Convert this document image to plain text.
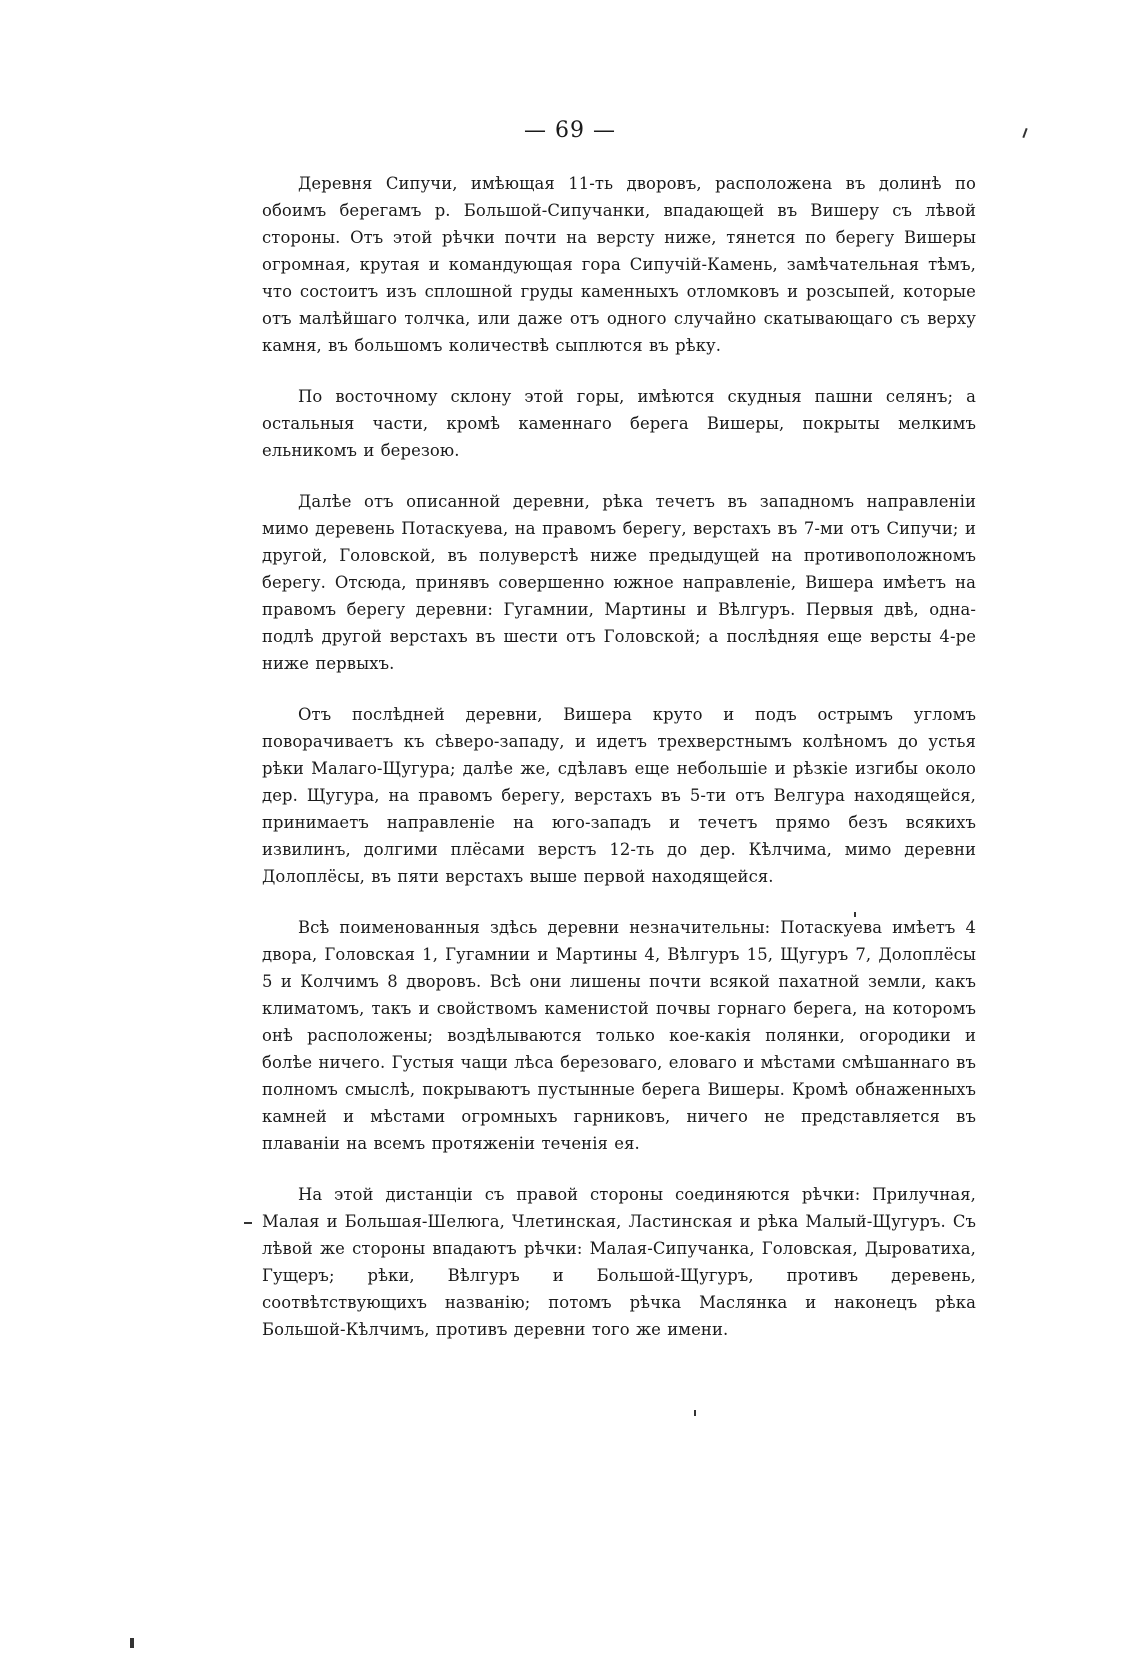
— 69 —

Деревня Сипучи, имѣющая 11-ть дворовъ, расположена въ долинѣ по обоимъ берегамъ р. Большой-Сипучанки, впадающей въ Вишеру съ лѣвой стороны. Отъ этой рѣчки почти на версту ниже, тянется по берегу Вишеры огромная, крутая и командующая гора Сипучій-Камень, замѣчательная тѣмъ, что состоитъ изъ сплошной груды каменныхъ отломковъ и розсыпей, которые отъ малѣйшаго толчка, или даже отъ одного случайно скатывающаго съ верху камня, въ большомъ количествѣ сыплются въ рѣку.

По восточному склону этой горы, имѣются скудныя пашни селянъ; а остальныя части, кромѣ каменнаго берега Вишеры, покрыты мелкимъ ельникомъ и березою.

Далѣе отъ описанной деревни, рѣка течетъ въ западномъ направленіи мимо деревень Потаскуева, на правомъ берегу, верстахъ въ 7-ми отъ Сипучи; и другой, Головской, въ полуверстѣ ниже предыдущей на противоположномъ берегу. Отсюда, принявъ совершенно южное направленіе, Вишера имѣетъ на правомъ берегу деревни: Гугамнии, Мартины и Вѣлгуръ. Первыя двѣ, одна-подлѣ другой верстахъ въ шести отъ Головской; а послѣдняя еще версты 4-ре ниже первыхъ.

Отъ послѣдней деревни, Вишера круто и подъ острымъ угломъ поворачиваетъ къ сѣверо-западу, и идетъ трехверстнымъ колѣномъ до устья рѣки Малаго-Щугура; далѣе же, сдѣлавъ еще небольшіе и рѣзкіе изгибы около дер. Щугура, на правомъ берегу, верстахъ въ 5-ти отъ Велгура находящейся, принимаетъ направленіе на юго-западъ и течетъ прямо безъ всякихъ извилинъ, долгими плёсами верстъ 12-ть до дер. Кѣлчима, мимо деревни Долоплёсы, въ пяти верстахъ выше первой находящейся.

Всѣ поименованныя здѣсь деревни незначительны: Потаскуева имѣетъ 4 двора, Головская 1, Гугамнии и Мартины 4, Вѣлгуръ 15, Щугуръ 7, Долоплёсы 5 и Колчимъ 8 дворовъ. Всѣ они лишены почти всякой пахатной земли, какъ климатомъ, такъ и свойствомъ каменистой почвы горнаго берега, на которомъ онѣ расположены; воздѣлываются только кое-какія полянки, огородики и болѣе ничего. Густыя чащи лѣса березоваго, еловаго и мѣстами смѣшаннаго въ полномъ смыслѣ, покрываютъ пустынные берега Вишеры. Кромѣ обнаженныхъ камней и мѣстами огромныхъ гарниковъ, ничего не представляется въ плаваніи на всемъ протяженіи теченія ея.

На этой дистанціи съ правой стороны соединяются рѣчки: Прилучная, Малая и Большая-Шелюга, Члетинская, Ластинская и рѣка Малый-Щугуръ. Съ лѣвой же стороны впадаютъ рѣчки: Малая-Сипучанка, Головская, Дыроватиха, Гущеръ; рѣки, Вѣлгуръ и Большой-Щугуръ, противъ деревень, соотвѣтствующихъ названію; потомъ рѣчка Маслянка и наконецъ рѣка Большой-Кѣлчимъ, противъ деревни того же имени.
